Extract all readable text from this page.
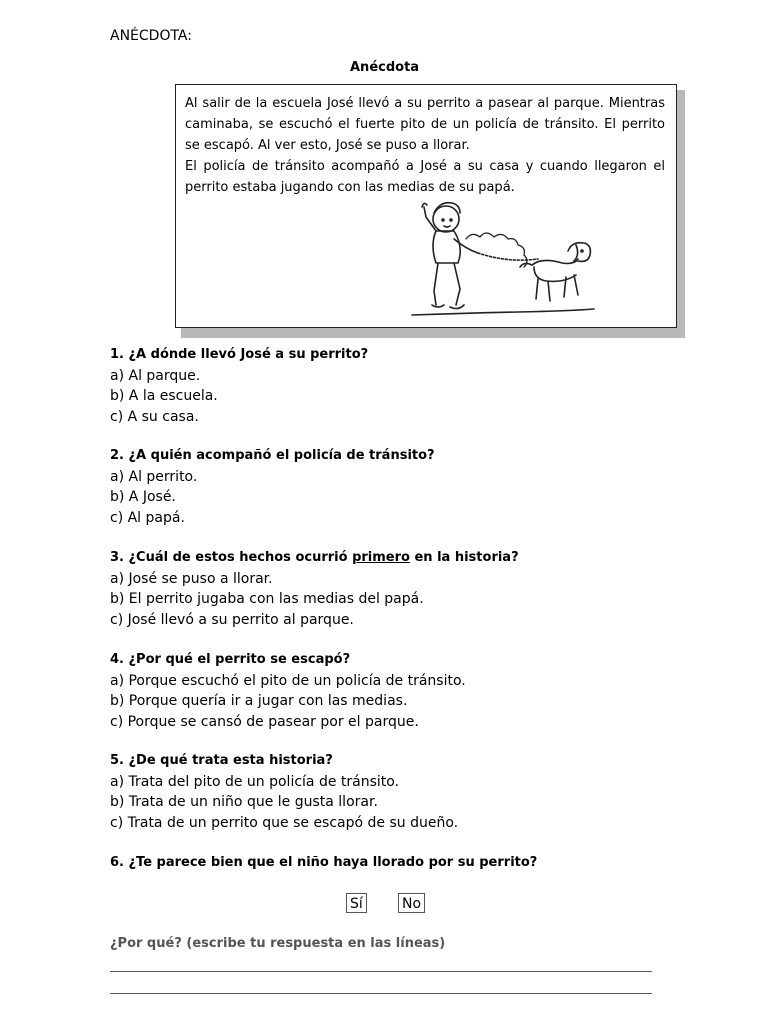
ANÉCDOTA:
Anécdota

Al salir de la escuela José llevó a su perrito a pasear al parque. Mientras caminaba, se escuchó el fuerte pito de un policía de tránsito. El perrito se escapó. Al ver esto, José se puso a llorar.

El policía de tránsito acompañó a José a su casa y cuando llegaron el perrito estaba jugando con las medias de su papá.

1. ¿A dónde llevó José a su perrito?
a) Al parque.
b) A la escuela.
c) A su casa.
2. ¿A quién acompañó el policía de tránsito?
a) Al perrito.
b) A José.
c) Al papá.
3. ¿Cuál de estos hechos ocurrió primero en la historia?
a) José se puso a llorar.
b) El perrito jugaba con las medias del papá.
c) José llevó a su perrito al parque.
4. ¿Por qué el perrito se escapó?
a) Porque escuchó el pito de un policía de tránsito.
b) Porque quería ir a jugar con las medias.
c) Porque se cansó de pasear por el parque.
5. ¿De qué trata esta historia?
a) Trata del pito de un policía de tránsito.
b) Trata de un niño que le gusta llorar.
c) Trata de un perrito que se escapó de su dueño.
6. ¿Te parece bien que el niño haya llorado por su perrito?
Sí	No
¿Por qué? (escribe tu respuesta en las líneas)
